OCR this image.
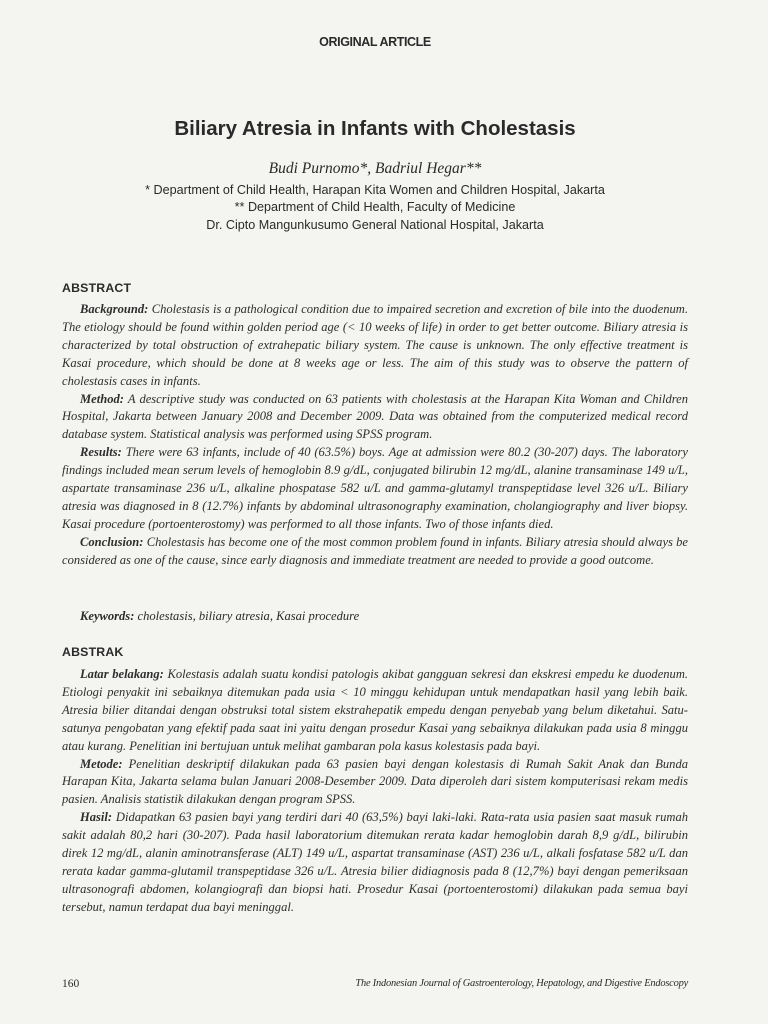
ORIGINAL ARTICLE
Biliary Atresia in Infants with Cholestasis
Budi Purnomo*, Badriul Hegar**
* Department of Child Health, Harapan Kita Women and Children Hospital, Jakarta
** Department of Child Health, Faculty of Medicine
Dr. Cipto Mangunkusumo General National Hospital, Jakarta
ABSTRACT

Background: Cholestasis is a pathological condition due to impaired secretion and excretion of bile into the duodenum. The etiology should be found within golden period age (< 10 weeks of life) in order to get better outcome. Biliary atresia is characterized by total obstruction of extrahepatic biliary system. The cause is unknown. The only effective treatment is Kasai procedure, which should be done at 8 weeks age or less. The aim of this study was to observe the pattern of cholestasis cases in infants.

Method: A descriptive study was conducted on 63 patients with cholestasis at the Harapan Kita Woman and Children Hospital, Jakarta between January 2008 and December 2009. Data was obtained from the computerized medical record database system. Statistical analysis was performed using SPSS program.

Results: There were 63 infants, include of 40 (63.5%) boys. Age at admission were 80.2 (30-207) days. The laboratory findings included mean serum levels of hemoglobin 8.9 g/dL, conjugated bilirubin 12 mg/dL, alanine transaminase 149 u/L, aspartate transaminase 236 u/L, alkaline phospatase 582 u/L and gamma-glutamyl transpeptidase level 326 u/L. Biliary atresia was diagnosed in 8 (12.7%) infants by abdominal ultrasonography examination, cholangiography and liver biopsy. Kasai procedure (portoenterostomy) was performed to all those infants. Two of those infants died.

Conclusion: Cholestasis has become one of the most common problem found in infants. Biliary atresia should always be considered as one of the cause, since early diagnosis and immediate treatment are needed to provide a good outcome.

Keywords: cholestasis, biliary atresia, Kasai procedure
ABSTRAK

Latar belakang: Kolestasis adalah suatu kondisi patologis akibat gangguan sekresi dan ekskresi empedu ke duodenum. Etiologi penyakit ini sebaiknya ditemukan pada usia < 10 minggu kehidupan untuk mendapatkan hasil yang lebih baik. Atresia bilier ditandai dengan obstruksi total sistem ekstrahepatik empedu dengan penyebab yang belum diketahui. Satu-satunya pengobatan yang efektif pada saat ini yaitu dengan prosedur Kasai yang sebaiknya dilakukan pada usia 8 minggu atau kurang. Penelitian ini bertujuan untuk melihat gambaran pola kasus kolestasis pada bayi.

Metode: Penelitian deskriptif dilakukan pada 63 pasien bayi dengan kolestasis di Rumah Sakit Anak dan Bunda Harapan Kita, Jakarta selama bulan Januari 2008-Desember 2009. Data diperoleh dari sistem komputerisasi rekam medis pasien. Analisis statistik dilakukan dengan program SPSS.

Hasil: Didapatkan 63 pasien bayi yang terdiri dari 40 (63,5%) bayi laki-laki. Rata-rata usia pasien saat masuk rumah sakit adalah 80,2 hari (30-207). Pada hasil laboratorium ditemukan rerata kadar hemoglobin darah 8,9 g/dL, bilirubin direk 12 mg/dL, alanin aminotransferase (ALT) 149 u/L, aspartat transaminase (AST) 236 u/L, alkali fosfatase 582 u/L dan rerata kadar gamma-glutamil transpeptidase 326 u/L. Atresia bilier didiagnosis pada 8 (12,7%) bayi dengan pemeriksaan ultrasonografi abdomen, kolangiografi dan biopsi hati. Prosedur Kasai (portoenterostomi) dilakukan pada semua bayi tersebut, namun terdapat dua bayi meninggal.

160	The Indonesian Journal of Gastroenterology, Hepatology, and Digestive Endoscopy
